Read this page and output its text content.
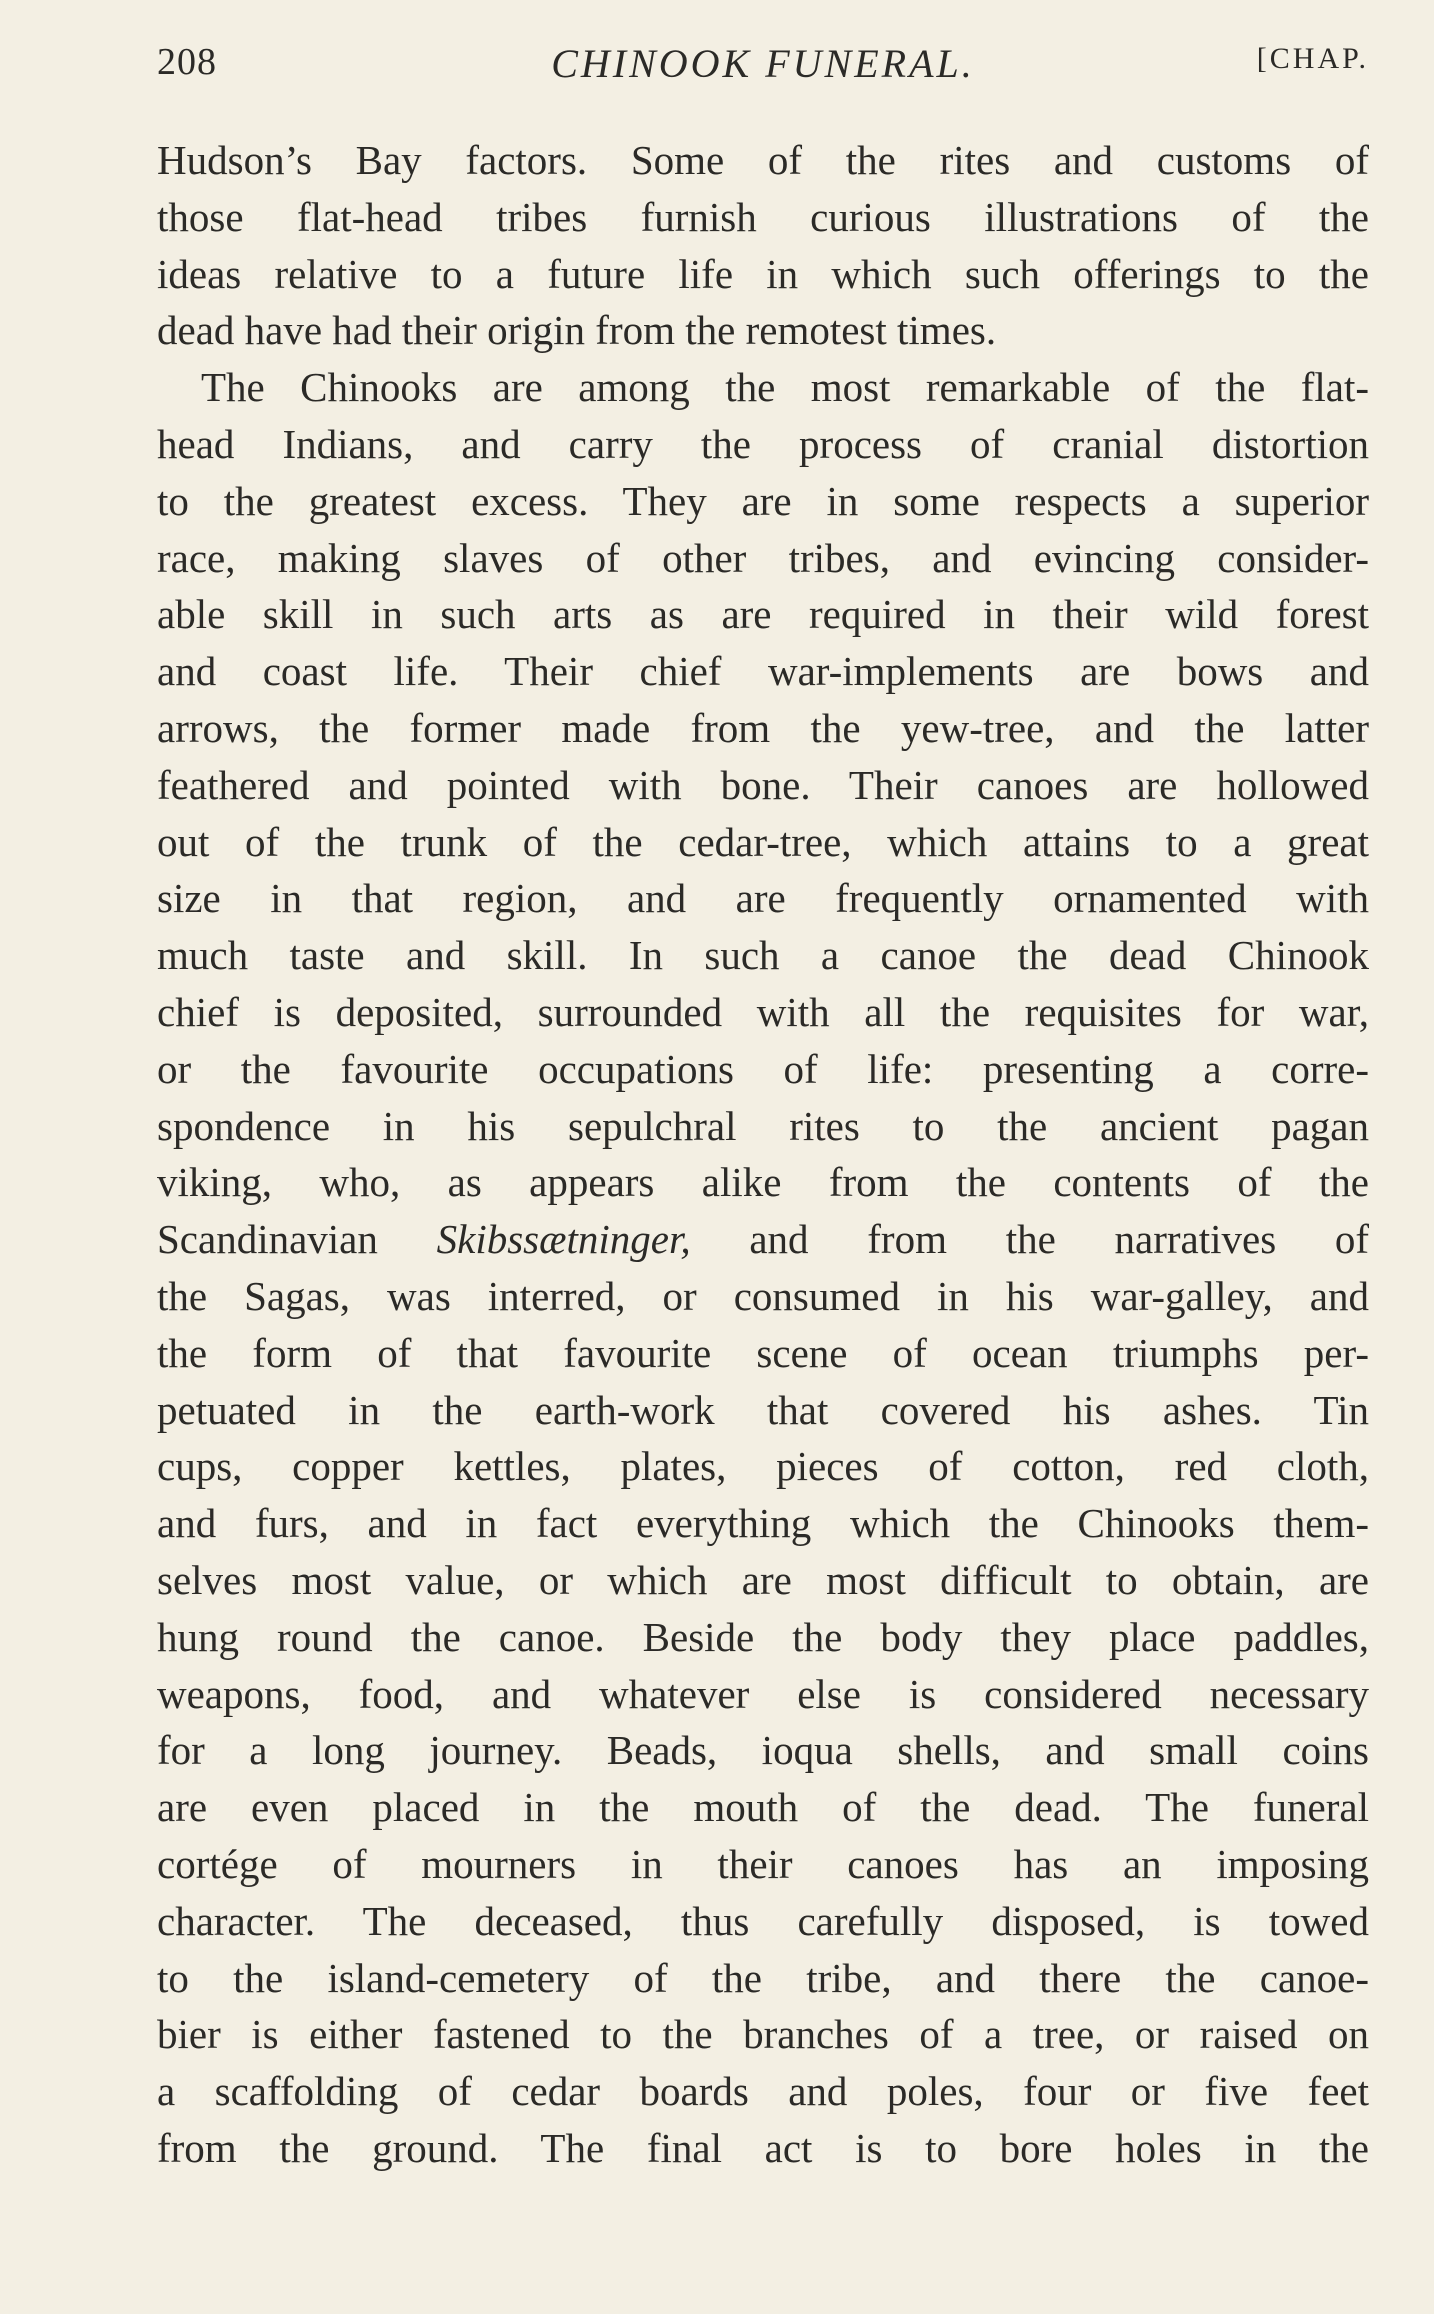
208	CHINOOK FUNERAL.	[CHAP.
Hudson’s Bay factors. Some of the rites and customs of
those flat-head tribes furnish curious illustrations of the
ideas relative to a future life in which such offerings to the
dead have had their origin from the remotest times.
The Chinooks are among the most remarkable of the flat-
head Indians, and carry the process of cranial distortion
to the greatest excess. They are in some respects a superior
race, making slaves of other tribes, and evincing consider-
able skill in such arts as are required in their wild forest
and coast life. Their chief war-implements are bows and
arrows, the former made from the yew-tree, and the latter
feathered and pointed with bone. Their canoes are hollowed
out of the trunk of the cedar-tree, which attains to a great
size in that region, and are frequently ornamented with
much taste and skill. In such a canoe the dead Chinook
chief is deposited, surrounded with all the requisites for war,
or the favourite occupations of life: presenting a corre-
spondence in his sepulchral rites to the ancient pagan
viking, who, as appears alike from the contents of the
Scandinavian Skibssætninger, and from the narratives of
the Sagas, was interred, or consumed in his war-galley, and
the form of that favourite scene of ocean triumphs per-
petuated in the earth-work that covered his ashes. Tin
cups, copper kettles, plates, pieces of cotton, red cloth,
and furs, and in fact everything which the Chinooks them-
selves most value, or which are most difficult to obtain, are
hung round the canoe. Beside the body they place paddles,
weapons, food, and whatever else is considered necessary
for a long journey. Beads, ioqua shells, and small coins
are even placed in the mouth of the dead. The funeral
cortége of mourners in their canoes has an imposing
character. The deceased, thus carefully disposed, is towed
to the island-cemetery of the tribe, and there the canoe-
bier is either fastened to the branches of a tree, or raised on
a scaffolding of cedar boards and poles, four or five feet
from the ground. The final act is to bore holes in the
